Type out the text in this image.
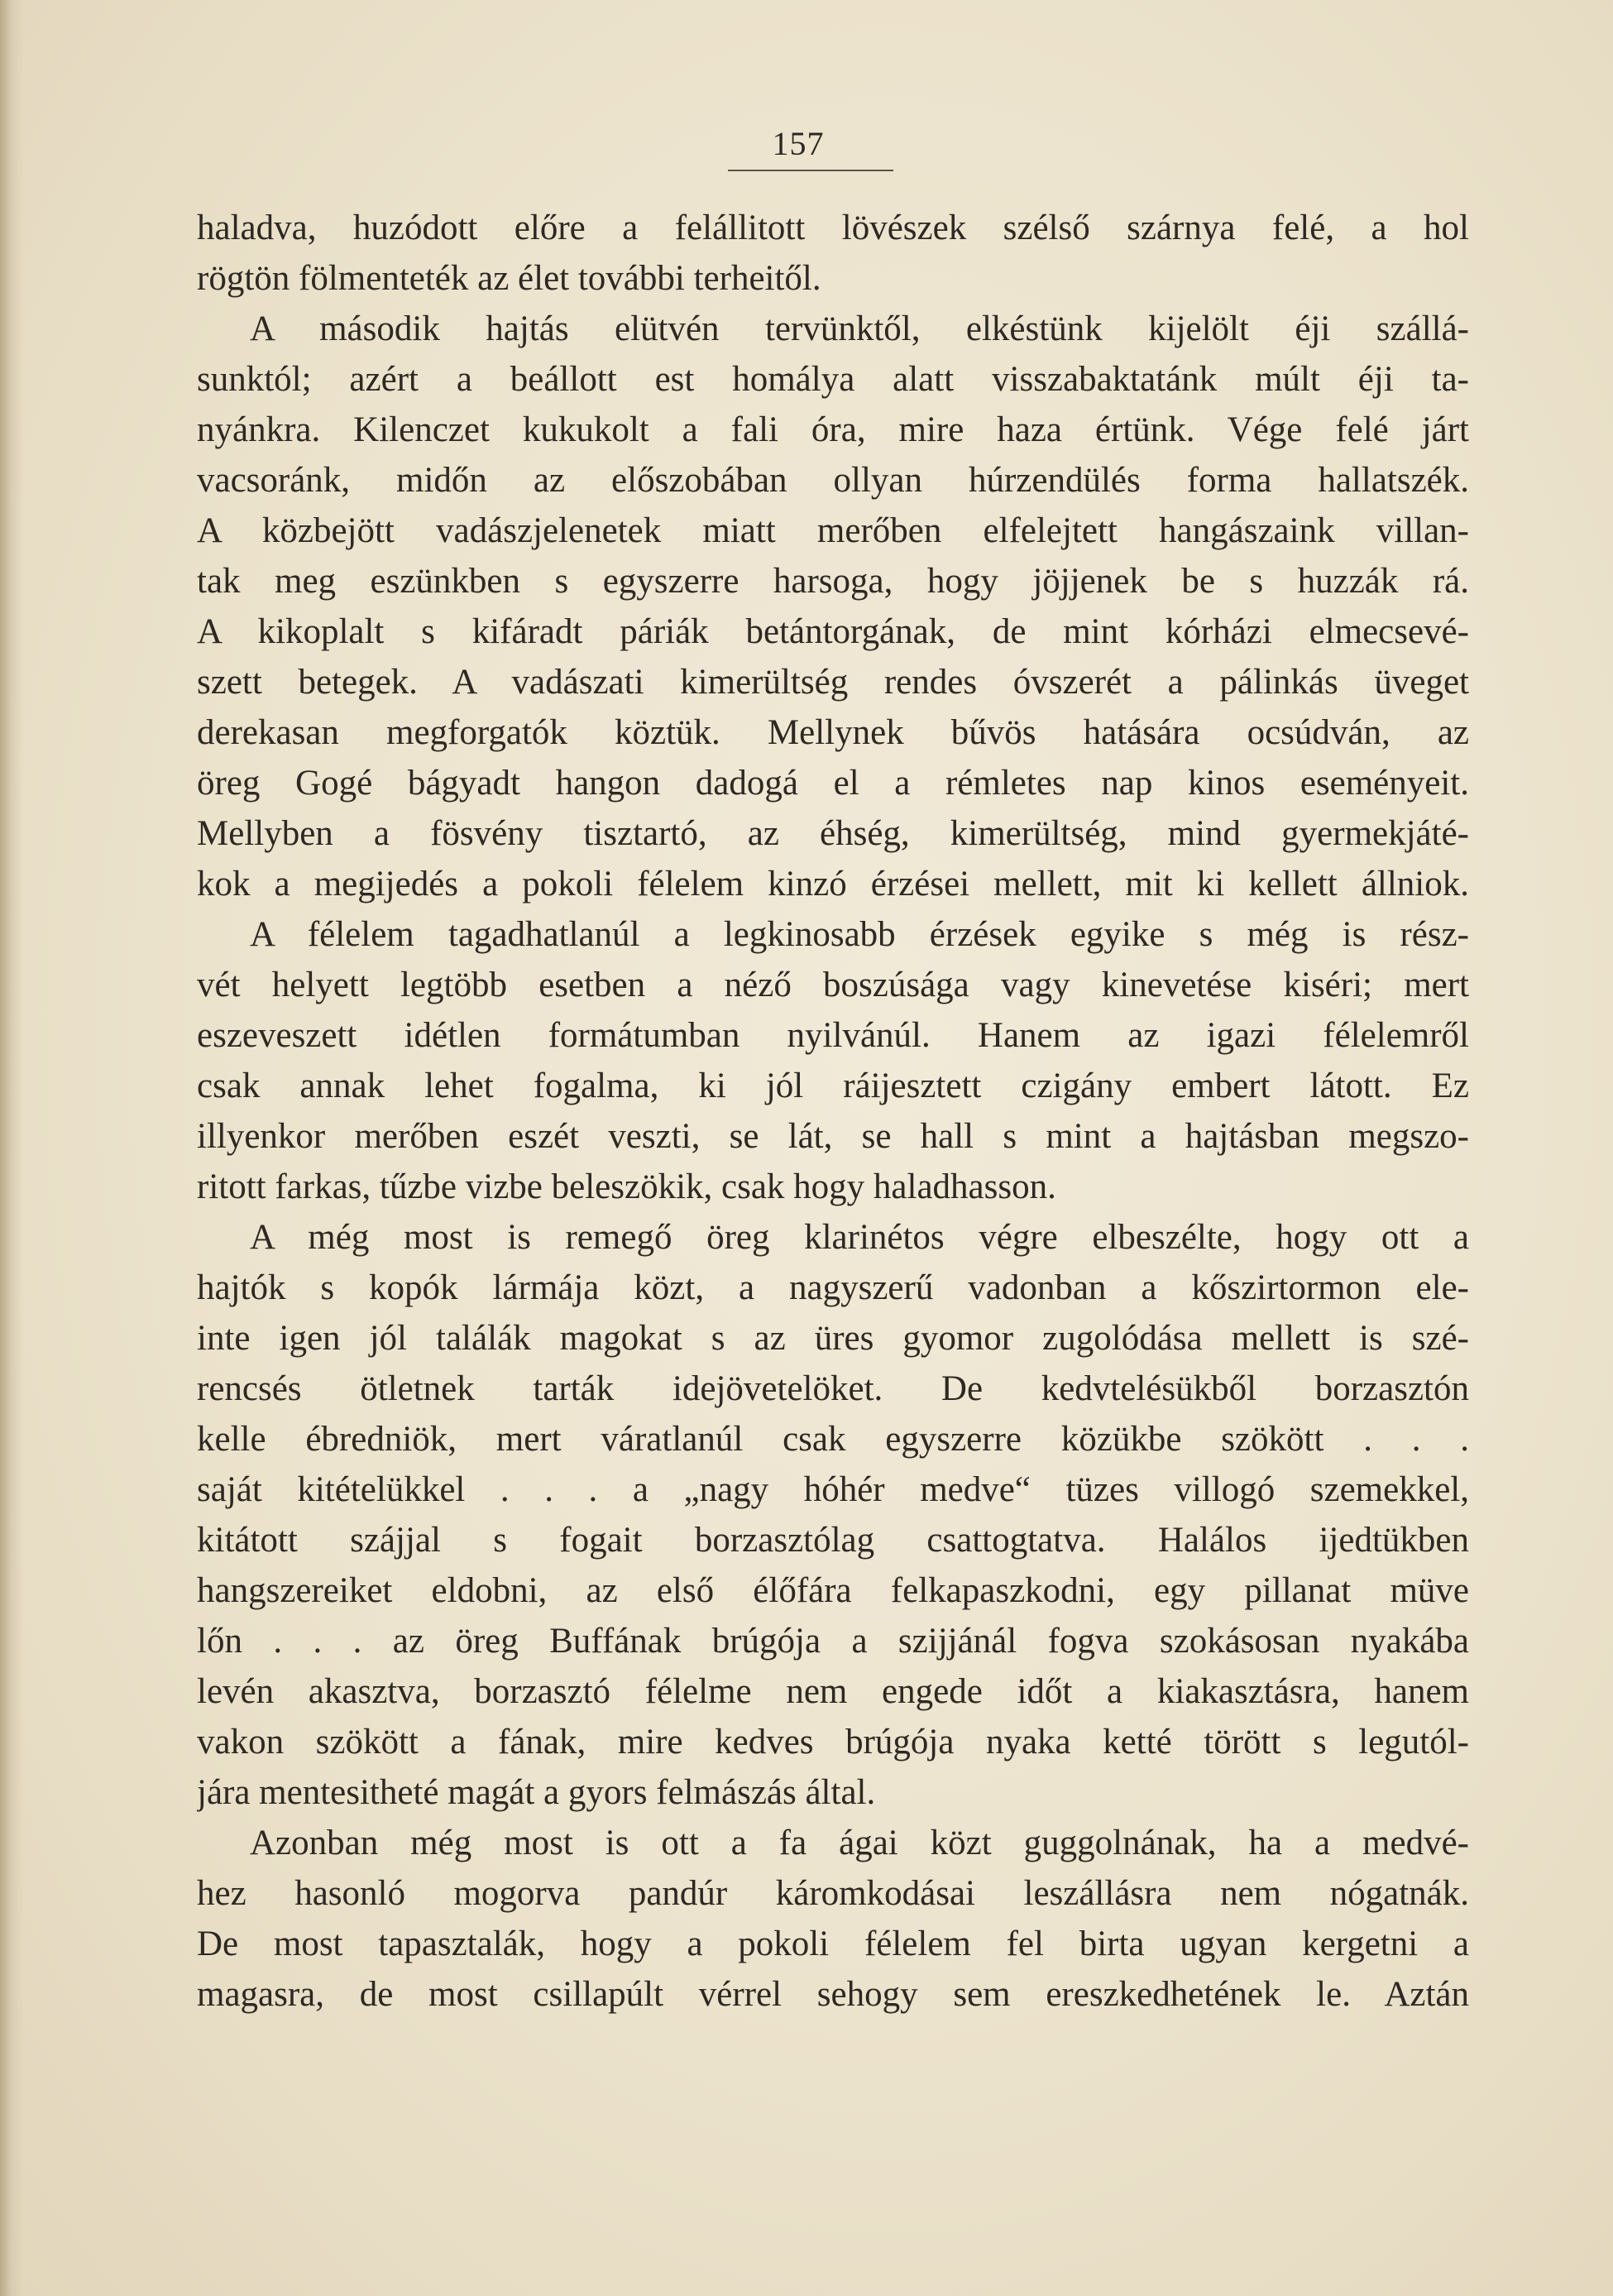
157
haladva, huzódott előre a felállitott lövészek szélső szárnya felé, a hol
rögtön fölmenteték az élet további terheitől.
A második hajtás elütvén tervünktől, elkéstünk kijelölt éji szállá-
sunktól; azért a beállott est homálya alatt visszabaktatánk múlt éji ta-
nyánkra. Kilenczet kukukolt a fali óra, mire haza értünk. Vége felé járt
vacsoránk, midőn az előszobában ollyan húrzendülés forma hallatszék.
A közbejött vadászjelenetek miatt merőben elfelejtett hangászaink villan-
tak meg eszünkben s egyszerre harsoga, hogy jöjjenek be s huzzák rá.
A kikoplalt s kifáradt páriák betántorgának, de mint kórházi elmecsevé-
szett betegek. A vadászati kimerültség rendes óvszerét a pálinkás üveget
derekasan megforgatók köztük. Mellynek bűvös hatására ocsúdván, az
öreg Gogé bágyadt hangon dadogá el a rémletes nap kinos eseményeit.
Mellyben a fösvény tisztartó, az éhség, kimerültség, mind gyermekjáté-
kok a megijedés a pokoli félelem kinzó érzései mellett, mit ki kellett állniok.
A félelem tagadhatlanúl a legkinosabb érzések egyike s még is rész-
vét helyett legtöbb esetben a néző boszúsága vagy kinevetése kiséri; mert
eszeveszett idétlen formátumban nyilvánúl. Hanem az igazi félelemről
csak annak lehet fogalma, ki jól ráijesztett czigány embert látott. Ez
illyenkor merőben eszét veszti, se lát, se hall s mint a hajtásban megszo-
ritott farkas, tűzbe vizbe beleszökik, csak hogy haladhasson.
A még most is remegő öreg klarinétos végre elbeszélte, hogy ott a
hajtók s kopók lármája közt, a nagyszerű vadonban a kőszirtormon ele-
inte igen jól találák magokat s az üres gyomor zugolódása mellett is szé-
rencsés ötletnek tarták idejövetelöket. De kedvtelésükből borzasztón
kelle ébredniök, mert váratlanúl csak egyszerre közükbe szökött . . .
saját kitételükkel . . . a „nagy hóhér medve“ tüzes villogó szemekkel,
kitátott szájjal s fogait borzasztólag csattogtatva. Halálos ijedtükben
hangszereiket eldobni, az első élőfára felkapaszkodni, egy pillanat müve
lőn . . . az öreg Buffának brúgója a szijjánál fogva szokásosan nyakába
levén akasztva, borzasztó félelme nem engede időt a kiakasztásra, hanem
vakon szökött a fának, mire kedves brúgója nyaka ketté törött s legutól-
jára mentesitheté magát a gyors felmászás által.
Azonban még most is ott a fa ágai közt guggolnának, ha a medvé-
hez hasonló mogorva pandúr káromkodásai leszállásra nem nógatnák.
De most tapasztalák, hogy a pokoli félelem fel birta ugyan kergetni a
magasra, de most csillapúlt vérrel sehogy sem ereszkedhetének le. Aztán
